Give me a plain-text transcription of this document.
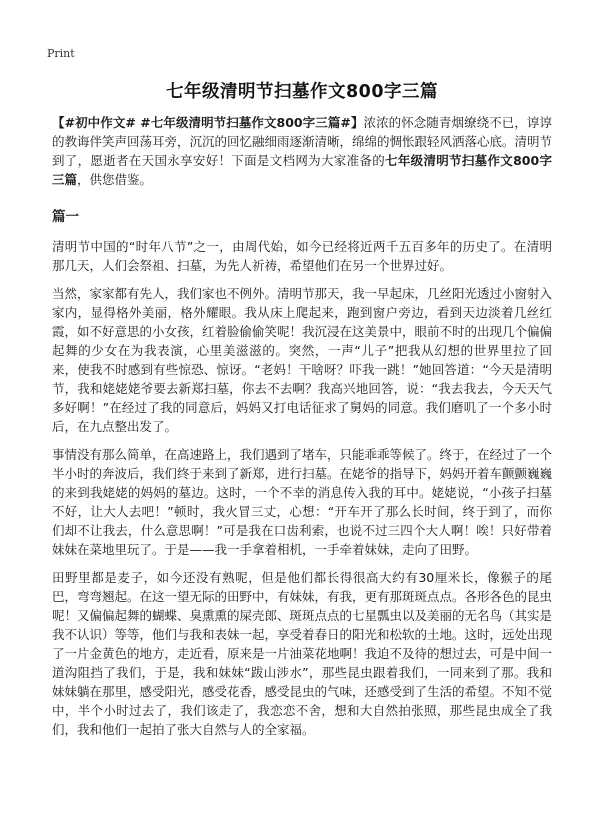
Print
七年级清明节扫墓作文800字三篇

【#初中作文# #七年级清明节扫墓作文800字三篇#】浓浓的怀念随青烟缭绕不已，谆谆的教诲伴笑声回荡耳旁，沉沉的回忆融细雨逐渐清晰，绵绵的惆怅跟轻风洒落心底。清明节到了，愿逝者在天国永享安好！下面是文档网为大家准备的七年级清明节扫墓作文800字三篇，供您借鉴。

篇一

清明节中国的“时年八节”之一，由周代始，如今已经将近两千五百多年的历史了。在清明那几天，人们会祭祖、扫墓，为先人祈祷，希望他们在另一个世界过好。

当然，家家都有先人，我们家也不例外。清明节那天，我一早起床，几丝阳光透过小窗射入家内，显得格外美丽，格外耀眼。我从床上爬起来，跑到窗户旁边，看到天边淡着几丝红霞，如不好意思的小女孩，红着脸偷偷笑呢！我沉浸在这美景中，眼前不时的出现几个偏偏起舞的少女在为我表演，心里美滋滋的。突然，一声“儿子”把我从幻想的世界里拉了回来，使我不时感到有些惊恐、惊讶。“老妈！干啥呀？吓我一跳！”她回答道：“今天是清明节，我和姥姥姥爷要去新郑扫墓，你去不去啊？我高兴地回答，说：“我去我去，今天天气多好啊！”在经过了我的同意后，妈妈又打电话征求了舅妈的同意。我们磨叽了一个多小时后，在九点整出发了。

事情没有那么简单，在高速路上，我们遇到了堵车，只能乖乖等候了。终于，在经过了一个半小时的奔波后，我们终于来到了新郑，进行扫墓。在姥爷的指导下，妈妈开着车颤颤巍巍的来到我姥姥的妈妈的墓边。这时，一个不幸的消息传入我的耳中。姥姥说，“小孩子扫墓不好，让大人去吧！”顿时，我火冒三丈，心想：“开车开了那么长时间，终于到了，而你们却不让我去，什么意思啊！”可是我在口齿利索，也说不过三四个大人啊！唉！只好带着妹妹在菜地里玩了。于是——我一手拿着相机，一手牵着妹妹，走向了田野。

田野里都是麦子，如今还没有熟呢，但是他们都长得很高大约有30厘米长，像猴子的尾巴，弯弯翘起。在这一望无际的田野中，有妹妹，有我，更有那斑斑点点。各形各色的昆虫呢！又偏偏起舞的蝴蝶、臭熏熏的屎壳郎、斑斑点点的七星瓢虫以及美丽的无名鸟（其实是我不认识）等等，他们与我和表妹一起，享受着春日的阳光和松软的土地。这时，远处出现了一片金黄色的地方，走近看，原来是一片油菜花地啊！我迫不及待的想过去，可是中间一道沟阻挡了我们，于是，我和妹妹“跋山涉水”，那些昆虫跟着我们，一同来到了那。我和妹妹躺在那里，感受阳光，感受花香，感受昆虫的气味，还感受到了生活的希望。不知不觉中，半个小时过去了，我们该走了，我恋恋不舍，想和大自然拍张照，那些昆虫成全了我们，我和他们一起拍了张大自然与人的全家福。
